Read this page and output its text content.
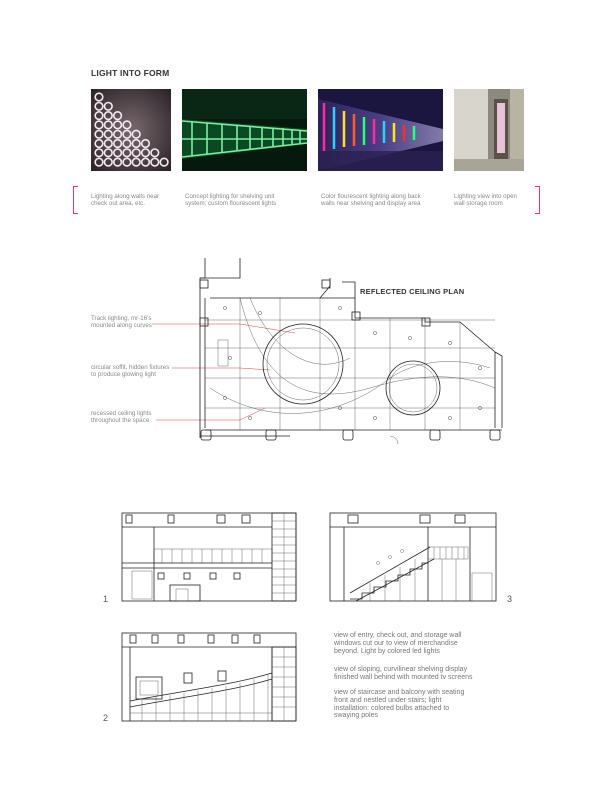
LIGHT INTO FORM
Lighting along walls near
check out area, etc.
Concept lighting for shelving unit
system; custom flourescent lights
Color flourescent lighting along back
walls near shelving and display area
Lighting view into open
wall storage room
REFLECTED CEILING PLAN
Track lighting, mr-16's
mounted along curves
circular soffit, hidden fixtures
to produce glowing light
recessed ceiling lights
throughout the space
1
2
3
view of entry, check out, and storage wall
windows cut our to view of merchandise
beyond. Light by colored led lights
view of sloping, curvilinear shelving display
finished wall behind with mounted tv screens
view of staircase and balcony with seating
front and nestled under stairs; light
installation: colored bulbs attached to
swaying poles
